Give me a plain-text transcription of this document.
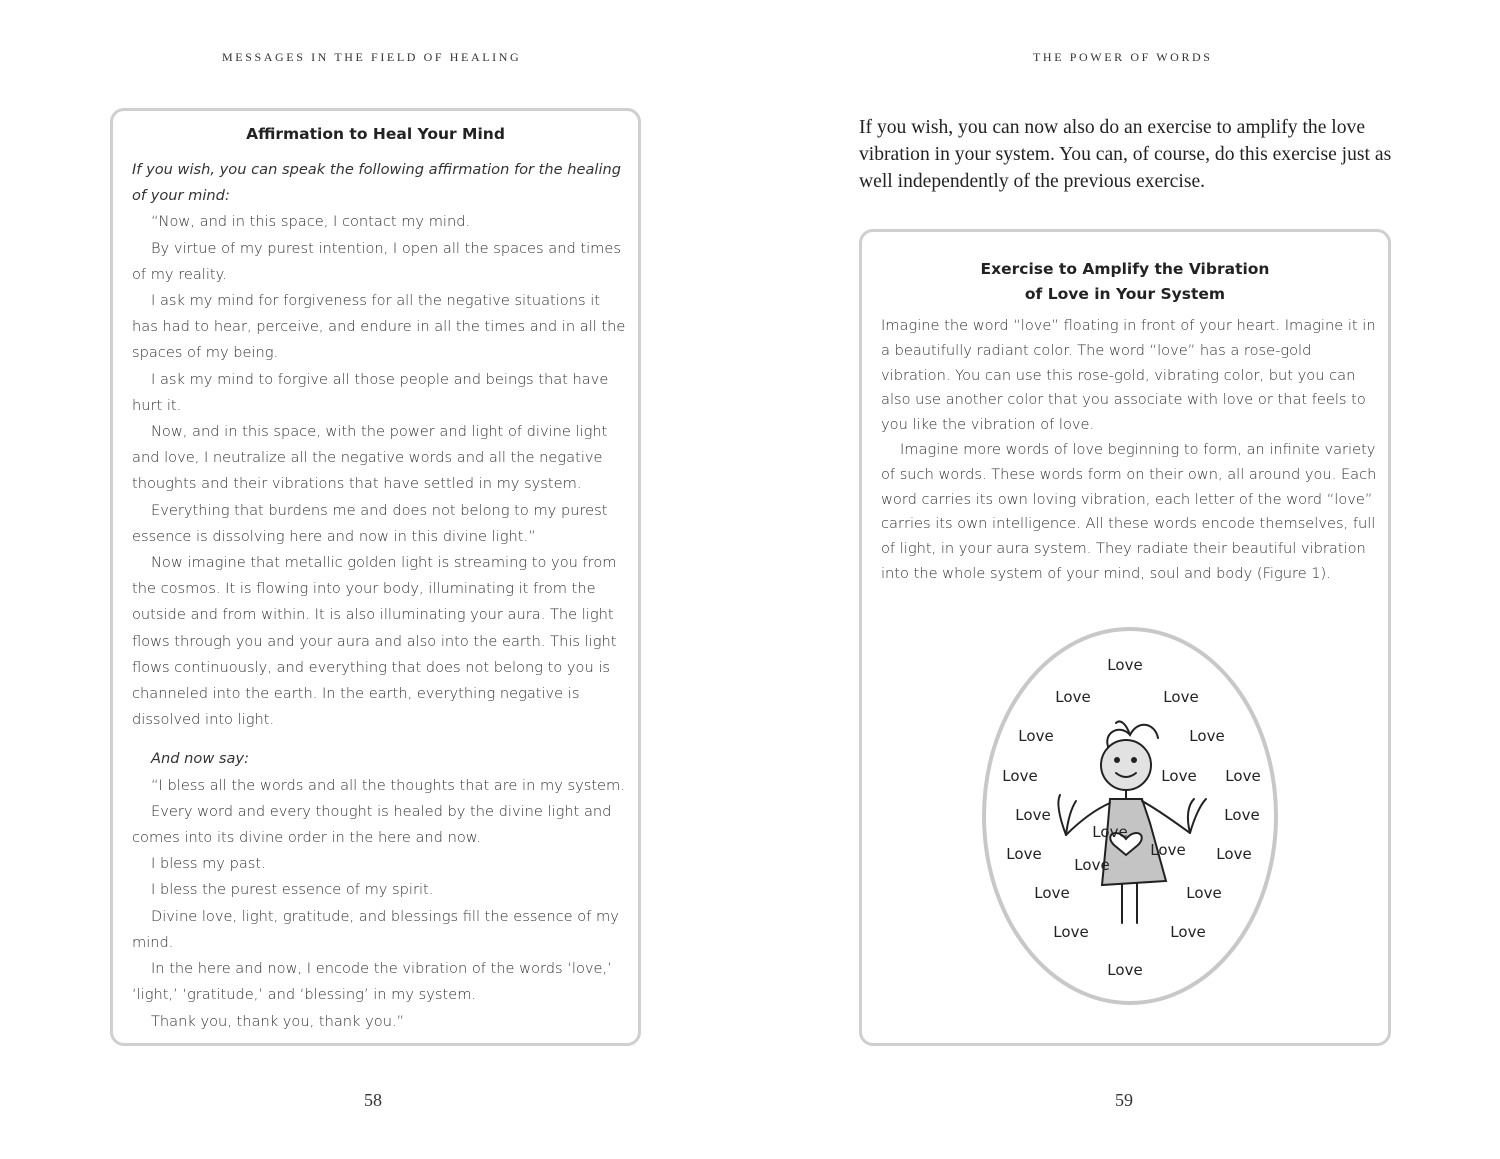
MESSAGES IN THE FIELD OF HEALING	THE POWER OF WORDS
Affirmation to Heal Your Mind

If you wish, you can speak the following affirmation for the healing of your mind:

“Now, and in this space, I contact my mind.

By virtue of my purest intention, I open all the spaces and times of my reality.

I ask my mind for forgiveness for all the negative situations it has had to hear, perceive, and endure in all the times and in all the spaces of my being.

I ask my mind to forgive all those people and beings that have hurt it.

Now, and in this space, with the power and light of divine light and love, I neutralize all the negative words and all the negative thoughts and their vibrations that have settled in my system.

Everything that burdens me and does not belong to my purest essence is dissolving here and now in this divine light.”

Now imagine that metallic golden light is streaming to you from the cosmos. It is flowing into your body, illuminating it from the outside and from within. It is also illuminating your aura. The light flows through you and your aura and also into the earth. This light flows continuously, and everything that does not belong to you is channeled into the earth. In the earth, everything negative is dissolved into light.

And now say:

“I bless all the words and all the thoughts that are in my system.

Every word and every thought is healed by the divine light and comes into its divine order in the here and now.

I bless my past.

I bless the purest essence of my spirit.

Divine love, light, gratitude, and blessings fill the essence of my mind.

In the here and now, I encode the vibration of the words ‘love,’ ‘light,’ ‘gratitude,’ and ‘blessing’ in my system.

Thank you, thank you, thank you.”

If you wish, you can now also do an exercise to amplify the love vibration in your system. You can, of course, do this exercise just as well independently of the previous exercise.

Exercise to Amplify the Vibration
of Love in Your System

Imagine the word “love” floating in front of your heart. Imagine it in a beautifully radiant color. The word “love” has a rose-gold vibration. You can use this rose-gold, vibrating color, but you can also use another color that you associate with love or that feels to you like the vibration of love.

Imagine more words of love beginning to form, an infinite variety of such words. These words form on their own, all around you. Each word carries its own loving vibration, each letter of the word “love” carries its own intelligence. All these words encode themselves, full of light, in your aura system. They radiate their beautiful vibration into the whole system of your mind, soul and body (Figure 1).

Love
Love	Love
Love	Love
Love	Love Love
Love	Love
Love
Love	Love Love
Love
Love	Love
Love	Love
Love
58	59
